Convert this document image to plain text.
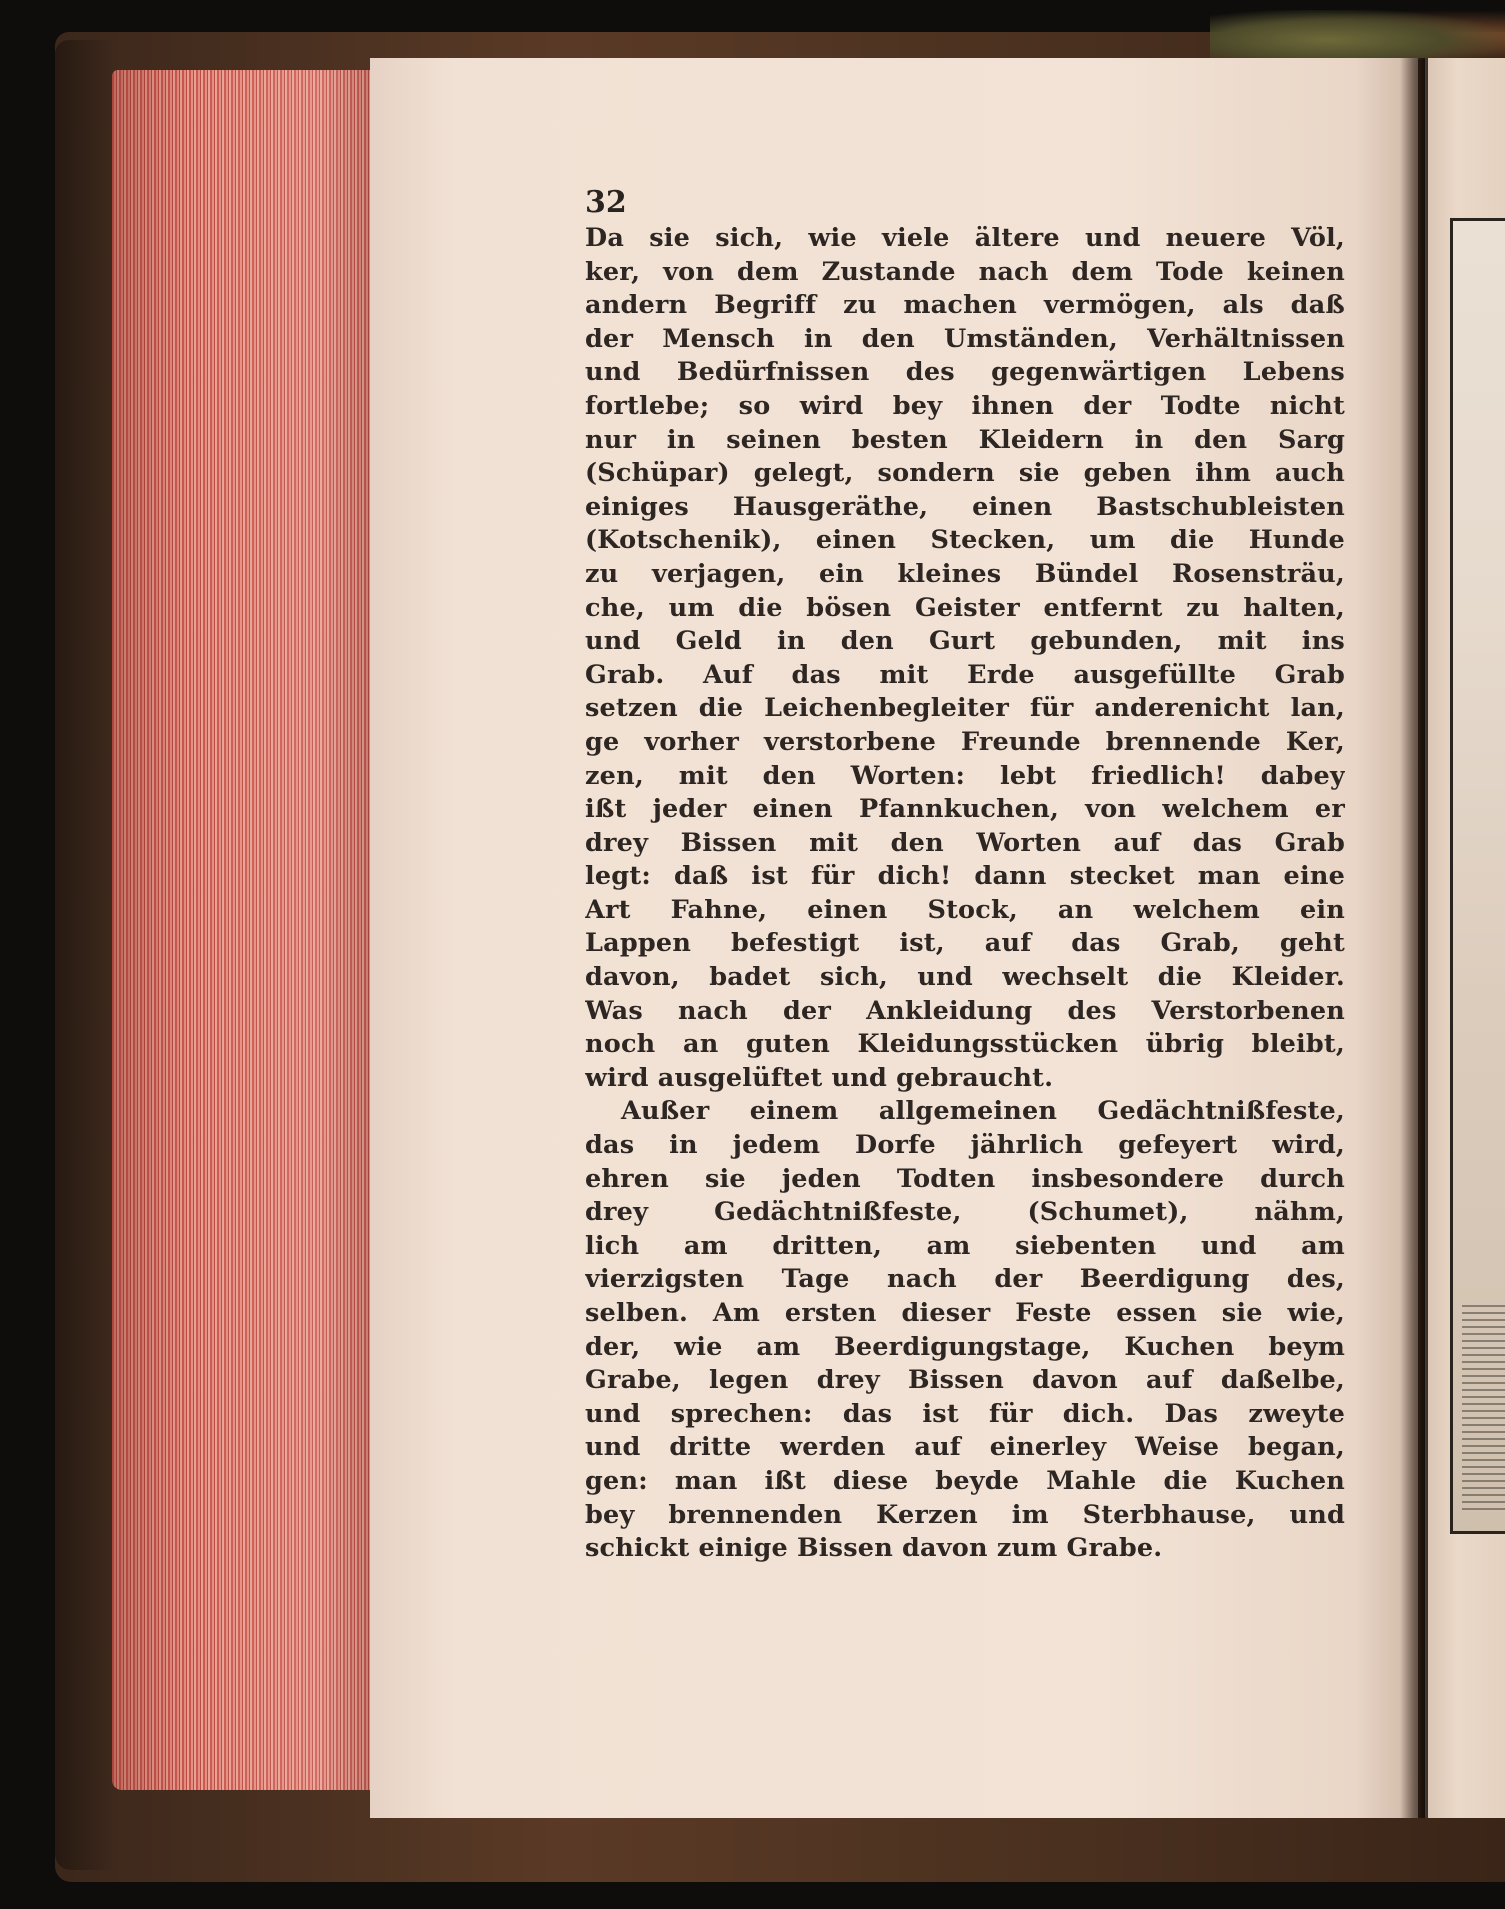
32
Da sie sich, wie viele ältere und neuere Völ,
ker, von dem Zustande nach dem Tode keinen
andern Begriff zu machen vermögen, als daß
der Mensch in den Umständen, Verhältnissen
und Bedürfnissen des gegenwärtigen Lebens
fortlebe; so wird bey ihnen der Todte nicht
nur in seinen besten Kleidern in den Sarg
(Schüpar) gelegt, sondern sie geben ihm auch
einiges Hausgeräthe, einen Bastschubleisten
(Kotschenik), einen Stecken, um die Hunde
zu verjagen, ein kleines Bündel Rosensträu,
che, um die bösen Geister entfernt zu halten,
und Geld in den Gurt gebunden, mit ins
Grab. Auf das mit Erde ausgefüllte Grab
setzen die Leichenbegleiter für anderenicht lan,
ge vorher verstorbene Freunde brennende Ker,
zen, mit den Worten: lebt friedlich! dabey
ißt jeder einen Pfannkuchen, von welchem er
drey Bissen mit den Worten auf das Grab
legt: daß ist für dich! dann stecket man eine
Art Fahne, einen Stock, an welchem ein
Lappen befestigt ist, auf das Grab, geht
davon, badet sich, und wechselt die Kleider.
Was nach der Ankleidung des Verstorbenen
noch an guten Kleidungsstücken übrig bleibt,
wird ausgelüftet und gebraucht.
Außer einem allgemeinen Gedächtnißfeste,
das in jedem Dorfe jährlich gefeyert wird,
ehren sie jeden Todten insbesondere durch
drey Gedächtnißfeste, (Schumet), nähm,
lich am dritten, am siebenten und am
vierzigsten Tage nach der Beerdigung des,
selben. Am ersten dieser Feste essen sie wie,
der, wie am Beerdigungstage, Kuchen beym
Grabe, legen drey Bissen davon auf daßelbe,
und sprechen: das ist für dich. Das zweyte
und dritte werden auf einerley Weise began,
gen: man ißt diese beyde Mahle die Kuchen
bey brennenden Kerzen im Sterbhause, und
schickt einige Bissen davon zum Grabe.
